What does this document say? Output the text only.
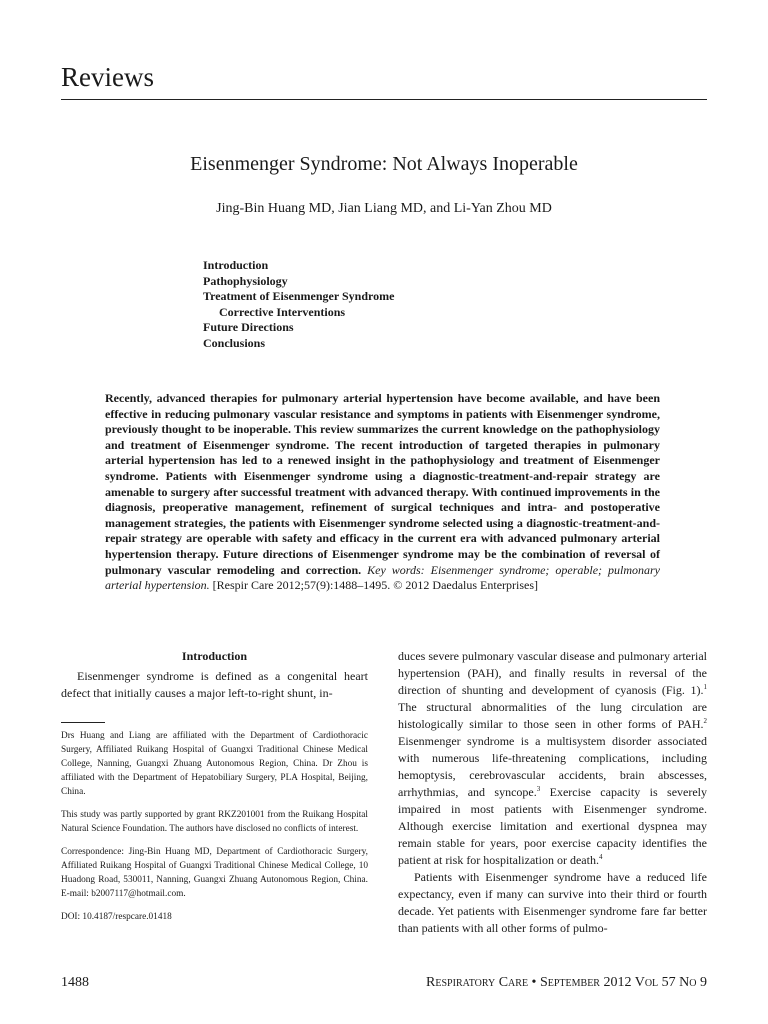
Reviews
Eisenmenger Syndrome: Not Always Inoperable
Jing-Bin Huang MD, Jian Liang MD, and Li-Yan Zhou MD
Introduction
Pathophysiology
Treatment of Eisenmenger Syndrome
Corrective Interventions
Future Directions
Conclusions
Recently, advanced therapies for pulmonary arterial hypertension have become available, and have been effective in reducing pulmonary vascular resistance and symptoms in patients with Eisenmenger syndrome, previously thought to be inoperable. This review summarizes the current knowledge on the pathophysiology and treatment of Eisenmenger syndrome. The recent introduction of targeted therapies in pulmonary arterial hypertension has led to a renewed insight in the pathophysiology and treatment of Eisenmenger syndrome. Patients with Eisenmenger syndrome using a diagnostic-treatment-and-repair strategy are amenable to surgery after successful treatment with advanced therapy. With continued improvements in the diagnosis, preoperative management, refinement of surgical techniques and intra- and postoperative management strategies, the patients with Eisenmenger syndrome selected using a diagnostic-treatment-and-repair strategy are operable with safety and efficacy in the current era with advanced pulmonary arterial hypertension therapy. Future directions of Eisenmenger syndrome may be the combination of reversal of pulmonary vascular remodeling and correction. Key words: Eisenmenger syndrome; operable; pulmonary arterial hypertension. [Respir Care 2012;57(9):1488–1495. © 2012 Daedalus Enterprises]
Introduction

Eisenmenger syndrome is defined as a congenital heart defect that initially causes a major left-to-right shunt, in-

Drs Huang and Liang are affiliated with the Department of Cardiothoracic Surgery, Affiliated Ruikang Hospital of Guangxi Traditional Chinese Medical College, Nanning, Guangxi Zhuang Autonomous Region, China. Dr Zhou is affiliated with the Department of Hepatobiliary Surgery, PLA Hospital, Beijing, China.

This study was partly supported by grant RKZ201001 from the Ruikang Hospital Natural Science Foundation. The authors have disclosed no conflicts of interest.

Correspondence: Jing-Bin Huang MD, Department of Cardiothoracic Surgery, Affiliated Ruikang Hospital of Guangxi Traditional Chinese Medical College, 10 Huadong Road, 530011, Nanning, Guangxi Zhuang Autonomous Region, China. E-mail: b2007117@hotmail.com.

DOI: 10.4187/respcare.01418

duces severe pulmonary vascular disease and pulmonary arterial hypertension (PAH), and finally results in reversal of the direction of shunting and development of cyanosis (Fig. 1).$^1$ The structural abnormalities of the lung circulation are histologically similar to those seen in other forms of PAH.$^2$ Eisenmenger syndrome is a multisystem disorder associated with numerous life-threatening complications, including hemoptysis, cerebrovascular accidents, brain abscesses, arrhythmias, and syncope.$^3$ Exercise capacity is severely impaired in most patients with Eisenmenger syndrome. Although exercise limitation and exertional dyspnea may remain stable for years, poor exercise capacity identifies the patient at risk for hospitalization or death.$^4$

Patients with Eisenmenger syndrome have a reduced life expectancy, even if many can survive into their third or fourth decade. Yet patients with Eisenmenger syndrome fare far better than patients with all other forms of pulmo-

1488	Respiratory Care • September 2012 Vol 57 No 9
